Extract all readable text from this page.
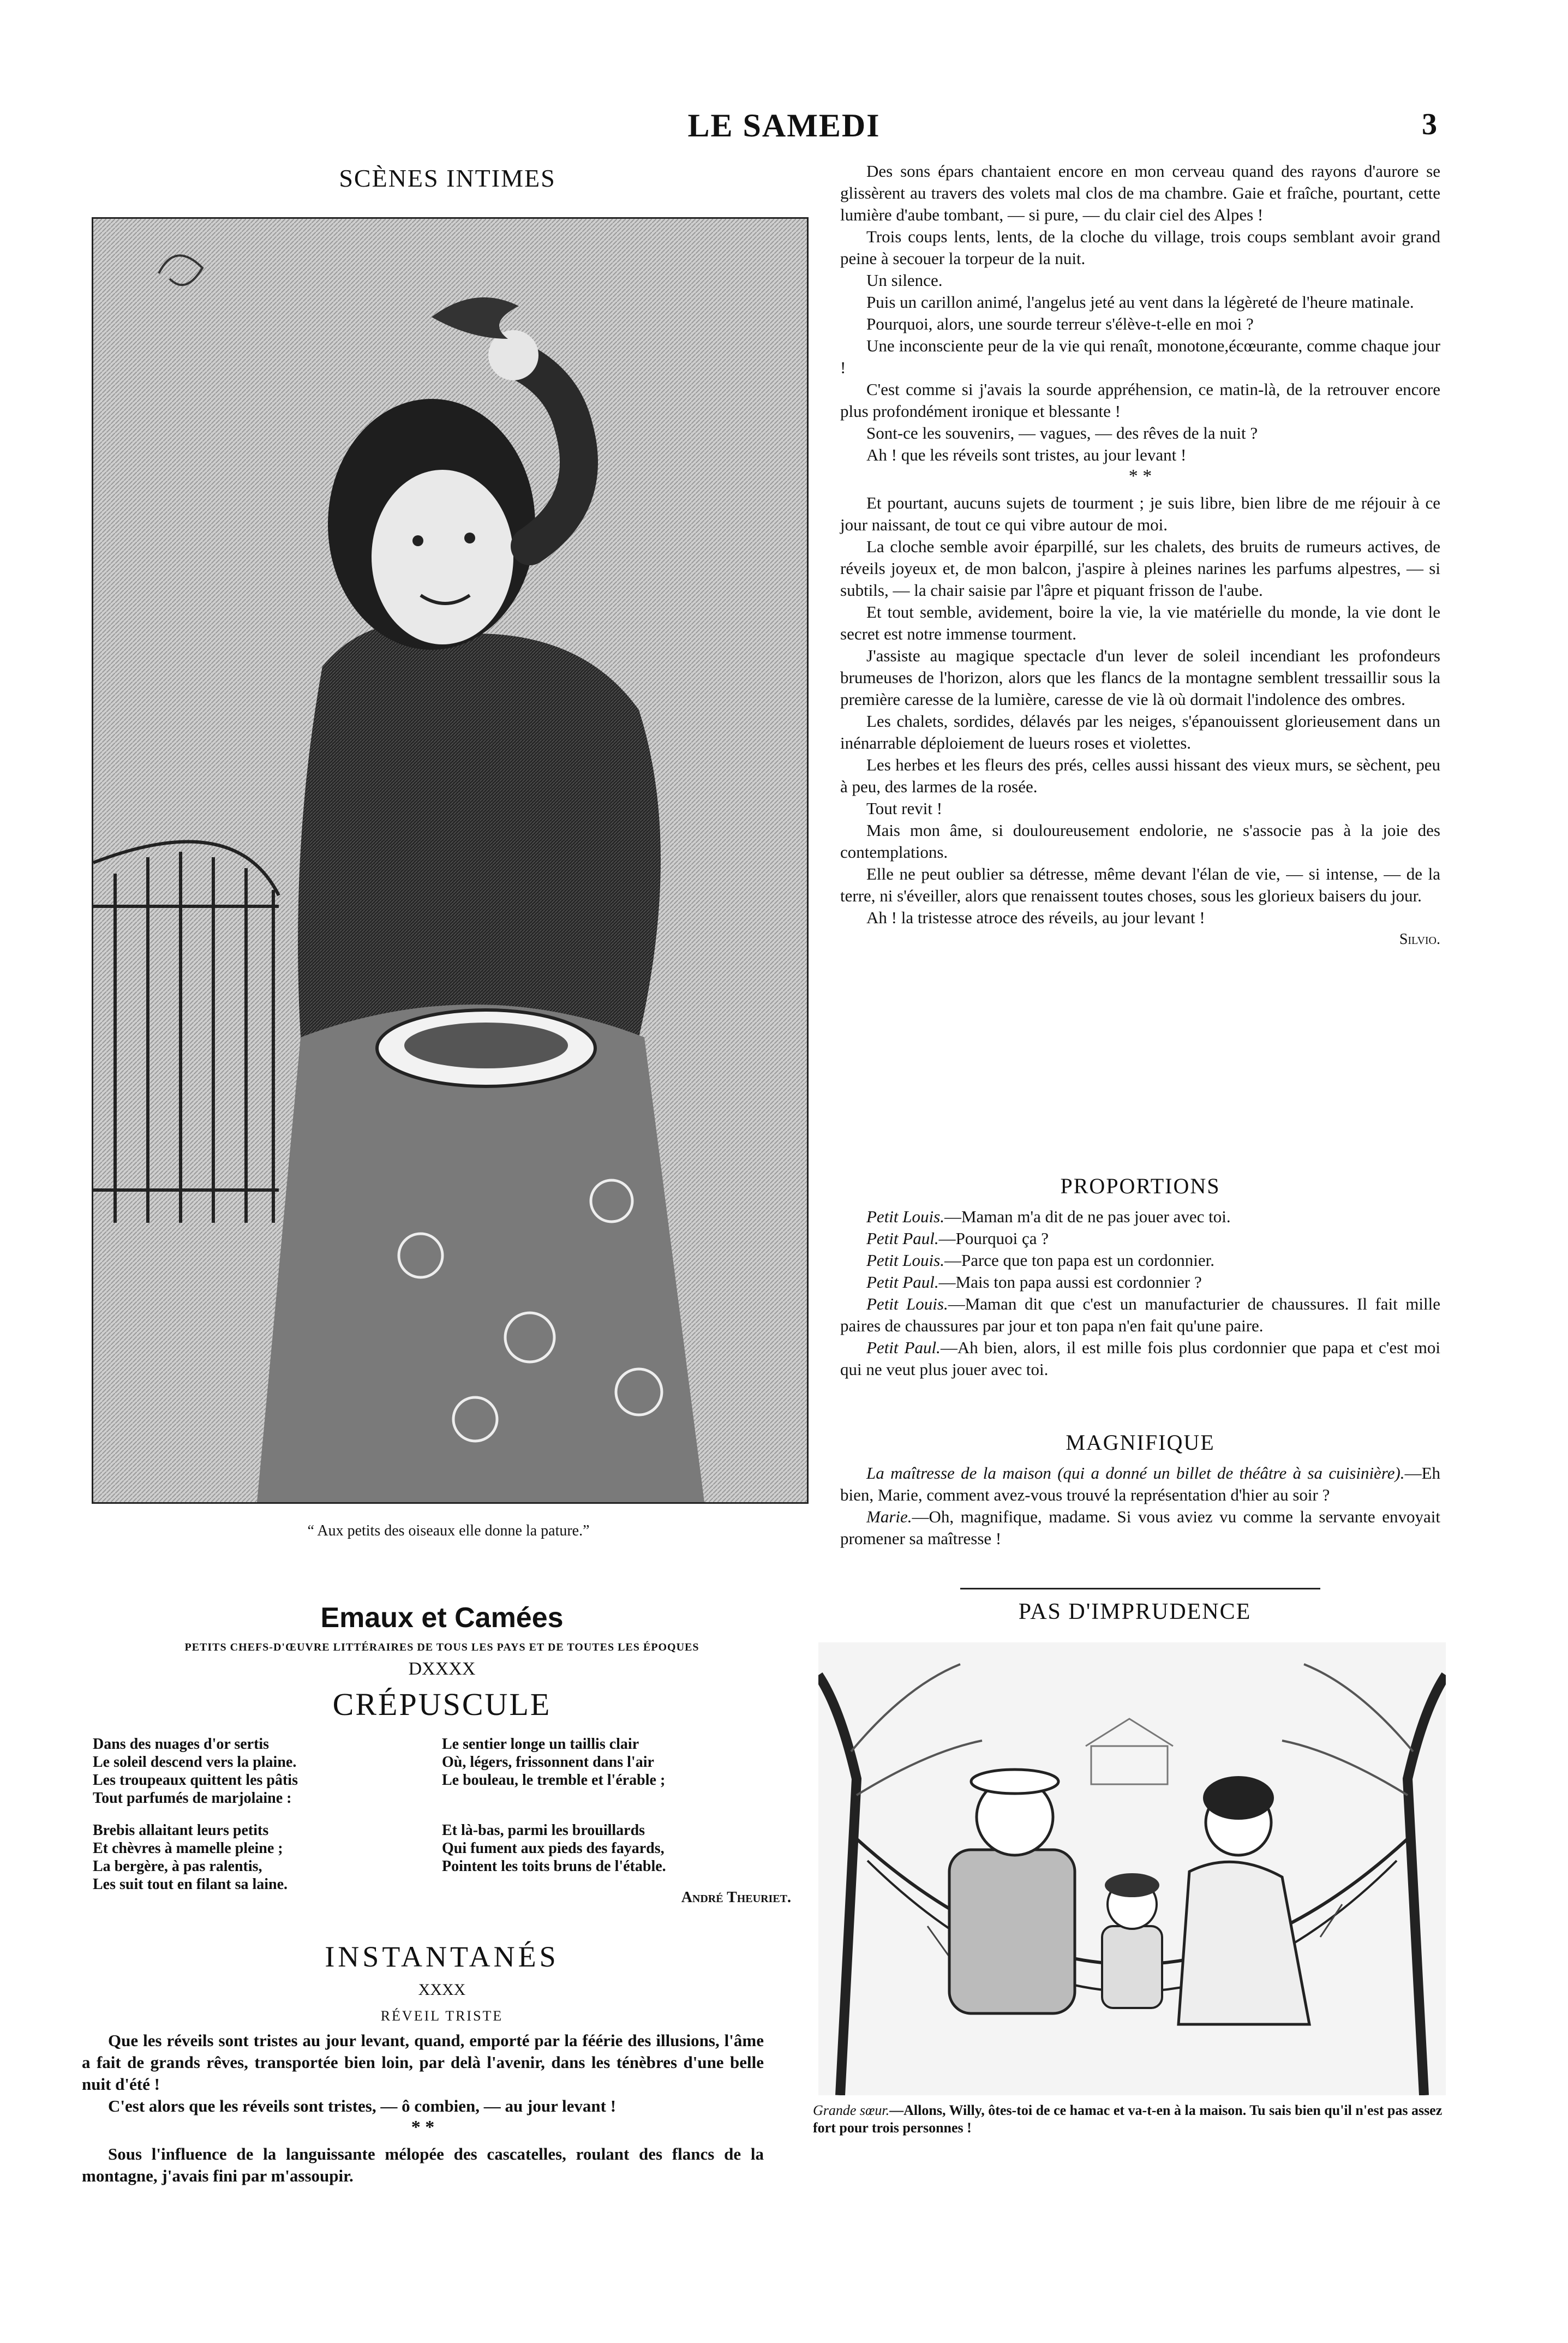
LE SAMEDI	3
SCÈNES INTIMES
“ Aux petits des oiseaux elle donne la pature.”

Des sons épars chantaient encore en mon cerveau quand des rayons d'aurore se glissèrent au travers des volets mal clos de ma chambre. Gaie et fraîche, pourtant, cette lumière d'aube tombant, — si pure, — du clair ciel des Alpes !

Trois coups lents, lents, de la cloche du village, trois coups semblant avoir grand peine à secouer la torpeur de la nuit.

Un silence.

Puis un carillon animé, l'angelus jeté au vent dans la légèreté de l'heure matinale.

Pourquoi, alors, une sourde terreur s'élève-t-elle en moi ?

Une inconsciente peur de la vie qui renaît, monotone,écœurante, comme chaque jour !

C'est comme si j'avais la sourde appréhension, ce matin-là, de la retrouver encore plus profondément ironique et blessante !

Sont-ce les souvenirs, — vagues, — des rêves de la nuit ?

Ah ! que les réveils sont tristes, au jour levant !

* *

Et pourtant, aucuns sujets de tourment ; je suis libre, bien libre de me réjouir à ce jour naissant, de tout ce qui vibre autour de moi.

La cloche semble avoir éparpillé, sur les chalets, des bruits de rumeurs actives, de réveils joyeux et, de mon balcon, j'aspire à pleines narines les parfums alpestres, — si subtils, — la chair saisie par l'âpre et piquant frisson de l'aube.

Et tout semble, avidement, boire la vie, la vie matérielle du monde, la vie dont le secret est notre immense tourment.

J'assiste au magique spectacle d'un lever de soleil incendiant les profondeurs brumeuses de l'horizon, alors que les flancs de la montagne semblent tressaillir sous la première caresse de la lumière, caresse de vie là où dormait l'indolence des ombres.

Les chalets, sordides, délavés par les neiges, s'épanouissent glorieusement dans un inénarrable déploiement de lueurs roses et violettes.

Les herbes et les fleurs des prés, celles aussi hissant des vieux murs, se sèchent, peu à peu, des larmes de la rosée.

Tout revit !

Mais mon âme, si douloureusement endolorie, ne s'associe pas à la joie des contemplations.

Elle ne peut oublier sa détresse, même devant l'élan de vie, — si intense, — de la terre, ni s'éveiller, alors que renaissent toutes choses, sous les glorieux baisers du jour.

Ah ! la tristesse atroce des réveils, au jour levant !

Silvio.
PROPORTIONS

Petit Louis.—Maman m'a dit de ne pas jouer avec toi.

Petit Paul.—Pourquoi ça ?

Petit Louis.—Parce que ton papa est un cordonnier.

Petit Paul.—Mais ton papa aussi est cordonnier ?

Petit Louis.—Maman dit que c'est un manufacturier de chaussures. Il fait mille paires de chaussures par jour et ton papa n'en fait qu'une paire.

Petit Paul.—Ah bien, alors, il est mille fois plus cordonnier que papa et c'est moi qui ne veut plus jouer avec toi.

MAGNIFIQUE

La maîtresse de la maison (qui a donné un billet de théâtre à sa cuisinière).—Eh bien, Marie, comment avez-vous trouvé la représentation d'hier au soir ?

Marie.—Oh, magnifique, madame. Si vous aviez vu comme la servante envoyait promener sa maîtresse !

Emaux et Camées
PETITS CHEFS-D'ŒUVRE LITTÉRAIRES DE TOUS LES PAYS ET DE TOUTES LES ÉPOQUES
DXXXX
CRÉPUSCULE
Dans des nuages d'or sertis
Le soleil descend vers la plaine.
Les troupeaux quittent les pâtis
Tout parfumés de marjolaine :
Brebis allaitant leurs petits
Et chèvres à mamelle pleine ;
La bergère, à pas ralentis,
Les suit tout en filant sa laine.
Le sentier longe un taillis clair
Où, légers, frissonnent dans l'air
Le bouleau, le tremble et l'érable ;
Et là-bas, parmi les brouillards
Qui fument aux pieds des fayards,
Pointent les toits bruns de l'étable.
André Theuriet.
INSTANTANÉS
XXXX
RÉVEIL TRISTE

Que les réveils sont tristes au jour levant, quand, emporté par la féérie des illusions, l'âme a fait de grands rêves, transportée bien loin, par delà l'avenir, dans les ténèbres d'une belle nuit d'été !

C'est alors que les réveils sont tristes, — ô combien, — au jour levant !

* *

Sous l'influence de la languissante mélopée des cascatelles, roulant des flancs de la montagne, j'avais fini par m'assoupir.

PAS D'IMPRUDENCE
Grande sœur.—Allons, Willy, ôtes-toi de ce hamac et va-t-en à la maison. Tu sais bien qu'il n'est pas assez fort pour trois personnes !
